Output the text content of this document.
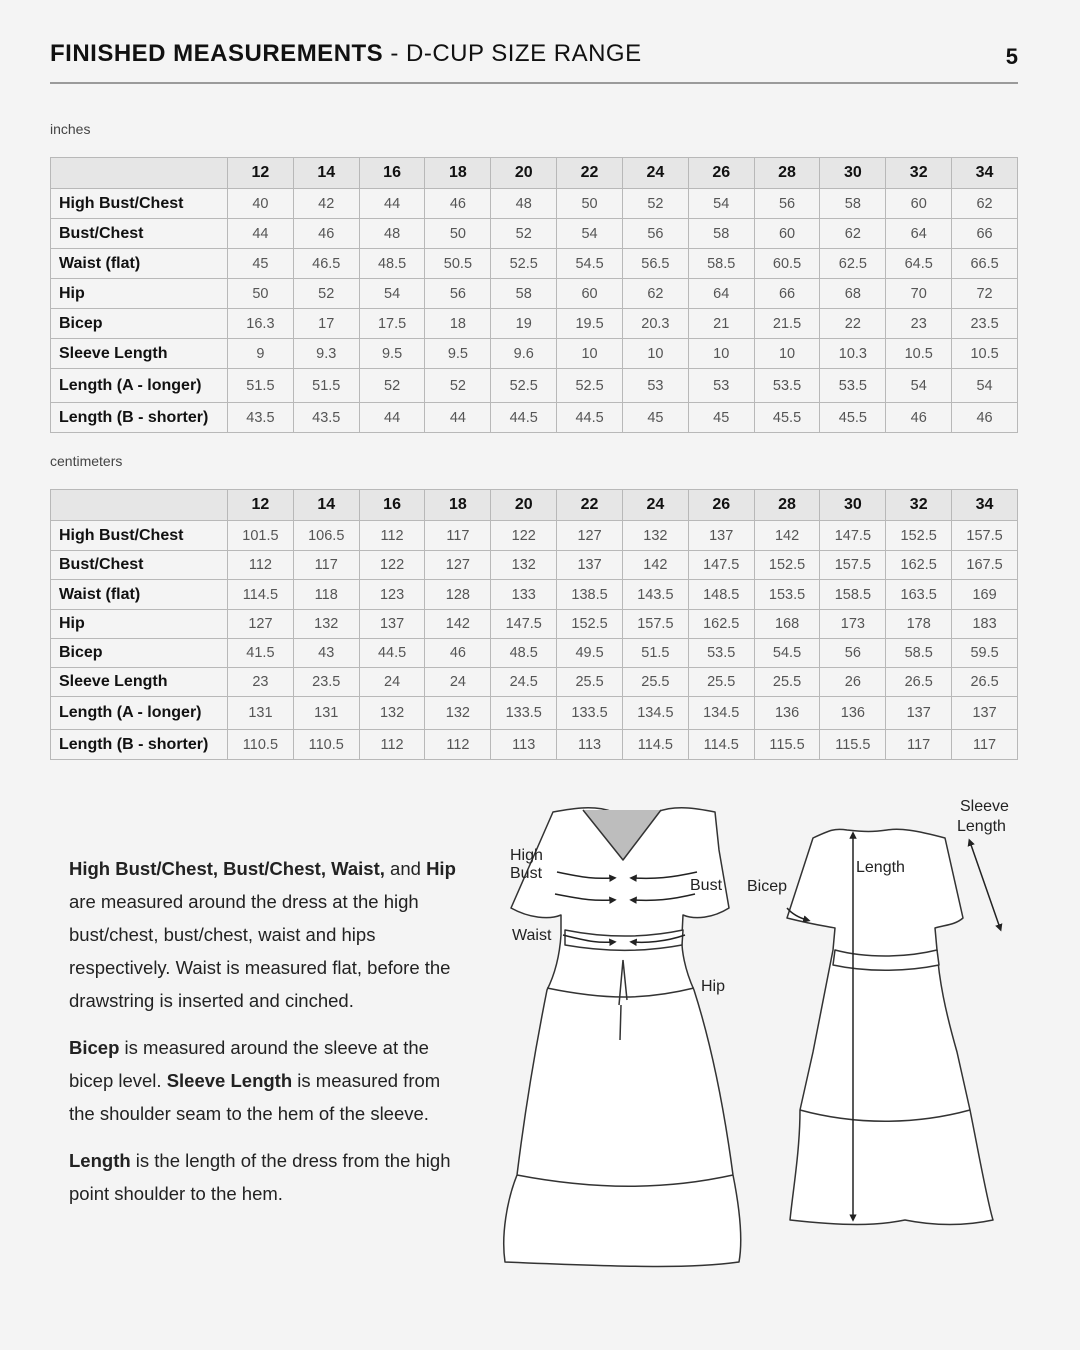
FINISHED MEASUREMENTS - D-CUP SIZE RANGE	5
inches
	12	14	16	18	20	22	24	26	28	30	32	34
High Bust/Chest	40	42	44	46	48	50	52	54	56	58	60	62
Bust/Chest	44	46	48	50	52	54	56	58	60	62	64	66
Waist (flat)	45	46.5	48.5	50.5	52.5	54.5	56.5	58.5	60.5	62.5	64.5	66.5
Hip	50	52	54	56	58	60	62	64	66	68	70	72
Bicep	16.3	17	17.5	18	19	19.5	20.3	21	21.5	22	23	23.5
Sleeve Length	9	9.3	9.5	9.5	9.6	10	10	10	10	10.3	10.5	10.5
Length (A - longer)	51.5	51.5	52	52	52.5	52.5	53	53	53.5	53.5	54	54
Length (B - shorter)	43.5	43.5	44	44	44.5	44.5	45	45	45.5	45.5	46	46
centimeters
	12	14	16	18	20	22	24	26	28	30	32	34
High Bust/Chest	101.5	106.5	112	117	122	127	132	137	142	147.5	152.5	157.5
Bust/Chest	112	117	122	127	132	137	142	147.5	152.5	157.5	162.5	167.5
Waist (flat)	114.5	118	123	128	133	138.5	143.5	148.5	153.5	158.5	163.5	169
Hip	127	132	137	142	147.5	152.5	157.5	162.5	168	173	178	183
Bicep	41.5	43	44.5	46	48.5	49.5	51.5	53.5	54.5	56	58.5	59.5
Sleeve Length	23	23.5	24	24	24.5	25.5	25.5	25.5	25.5	26	26.5	26.5
Length (A - longer)	131	131	132	132	133.5	133.5	134.5	134.5	136	136	137	137
Length (B - shorter)	110.5	110.5	112	112	113	113	114.5	114.5	115.5	115.5	117	117

High Bust/Chest, Bust/Chest, Waist, and Hip are measured around the dress at the high bust/chest, bust/chest, waist and hips respectively. Waist is measured flat, before the drawstring is inserted and cinched.

Bicep is measured around the sleeve at the bicep level. Sleeve Length is measured from the shoulder seam to the hem of the sleeve.

Length is the length of the dress from the high point shoulder to the hem.

High
Bust
Bust
Waist
Hip
Bicep
Length
Sleeve
Length
